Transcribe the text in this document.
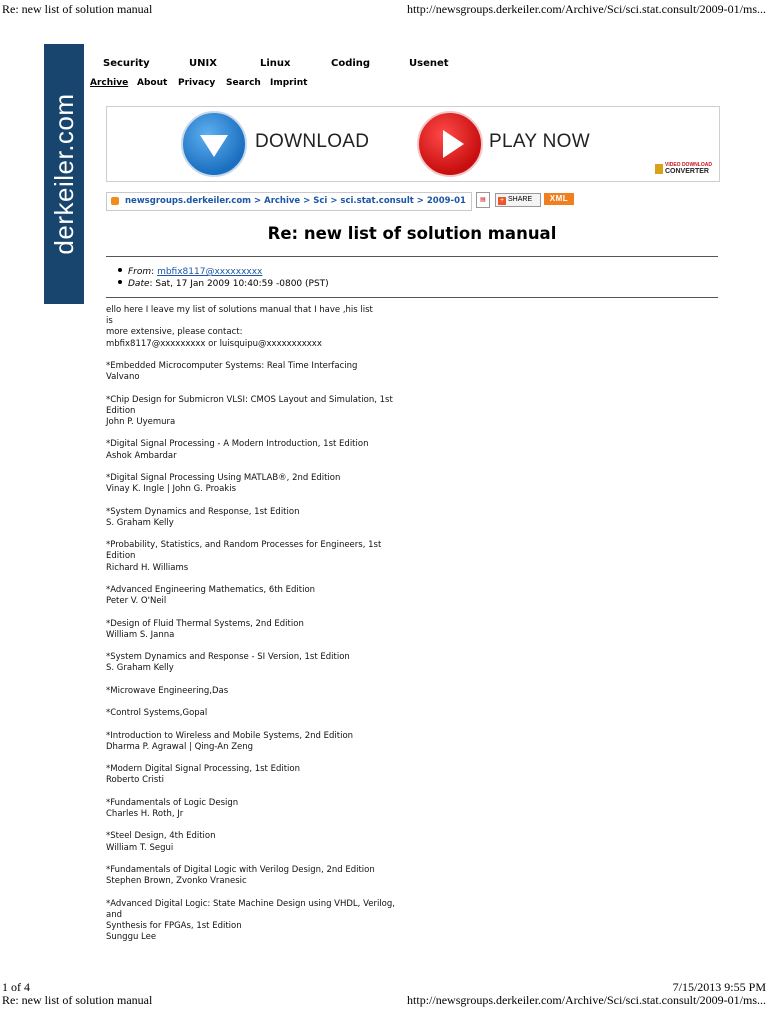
Re: new list of solution manual	http://newsgroups.derkeiler.com/Archive/Sci/sci.stat.consult/2009-01/ms...
derkeiler.com
Security	UNIX	Linux	Coding	Usenet
Archive About Privacy Search Imprint
DOWNLOAD	PLAY NOW
VIDEO DOWNLOAD
CONVERTER
newsgroups.derkeiler.com > Archive > Sci > sci.stat.consult > 2009-01	▤	+ SHARE	XML
Re: new list of solution manual
From: mbfix8117@xxxxxxxxx
Date: Sat, 17 Jan 2009 10:40:59 -0800 (PST)

ello here I leave my list of solutions manual that I have ,his list

is

more extensive, please contact:

mbfix8117@xxxxxxxxx or luisquipu@xxxxxxxxxxx

*Embedded Microcomputer Systems: Real Time Interfacing

Valvano

*Chip Design for Submicron VLSI: CMOS Layout and Simulation, 1st

Edition

John P. Uyemura

*Digital Signal Processing - A Modern Introduction, 1st Edition

Ashok Ambardar

*Digital Signal Processing Using MATLAB®, 2nd Edition

Vinay K. Ingle | John G. Proakis

*System Dynamics and Response, 1st Edition

S. Graham Kelly

*Probability, Statistics, and Random Processes for Engineers, 1st

Edition

Richard H. Williams

*Advanced Engineering Mathematics, 6th Edition

Peter V. O'Neil

*Design of Fluid Thermal Systems, 2nd Edition

William S. Janna

*System Dynamics and Response - SI Version, 1st Edition

S. Graham Kelly

*Microwave Engineering,Das

*Control Systems,Gopal

*Introduction to Wireless and Mobile Systems, 2nd Edition

Dharma P. Agrawal | Qing-An Zeng

*Modern Digital Signal Processing, 1st Edition

Roberto Cristi

*Fundamentals of Logic Design

Charles H. Roth, Jr

*Steel Design, 4th Edition

William T. Segui

*Fundamentals of Digital Logic with Verilog Design, 2nd Edition

Stephen Brown, Zvonko Vranesic

*Advanced Digital Logic: State Machine Design using VHDL, Verilog,

and

Synthesis for FPGAs, 1st Edition

Sunggu Lee

1 of 4	7/15/2013 9:55 PM
Re: new list of solution manual	http://newsgroups.derkeiler.com/Archive/Sci/sci.stat.consult/2009-01/ms...
